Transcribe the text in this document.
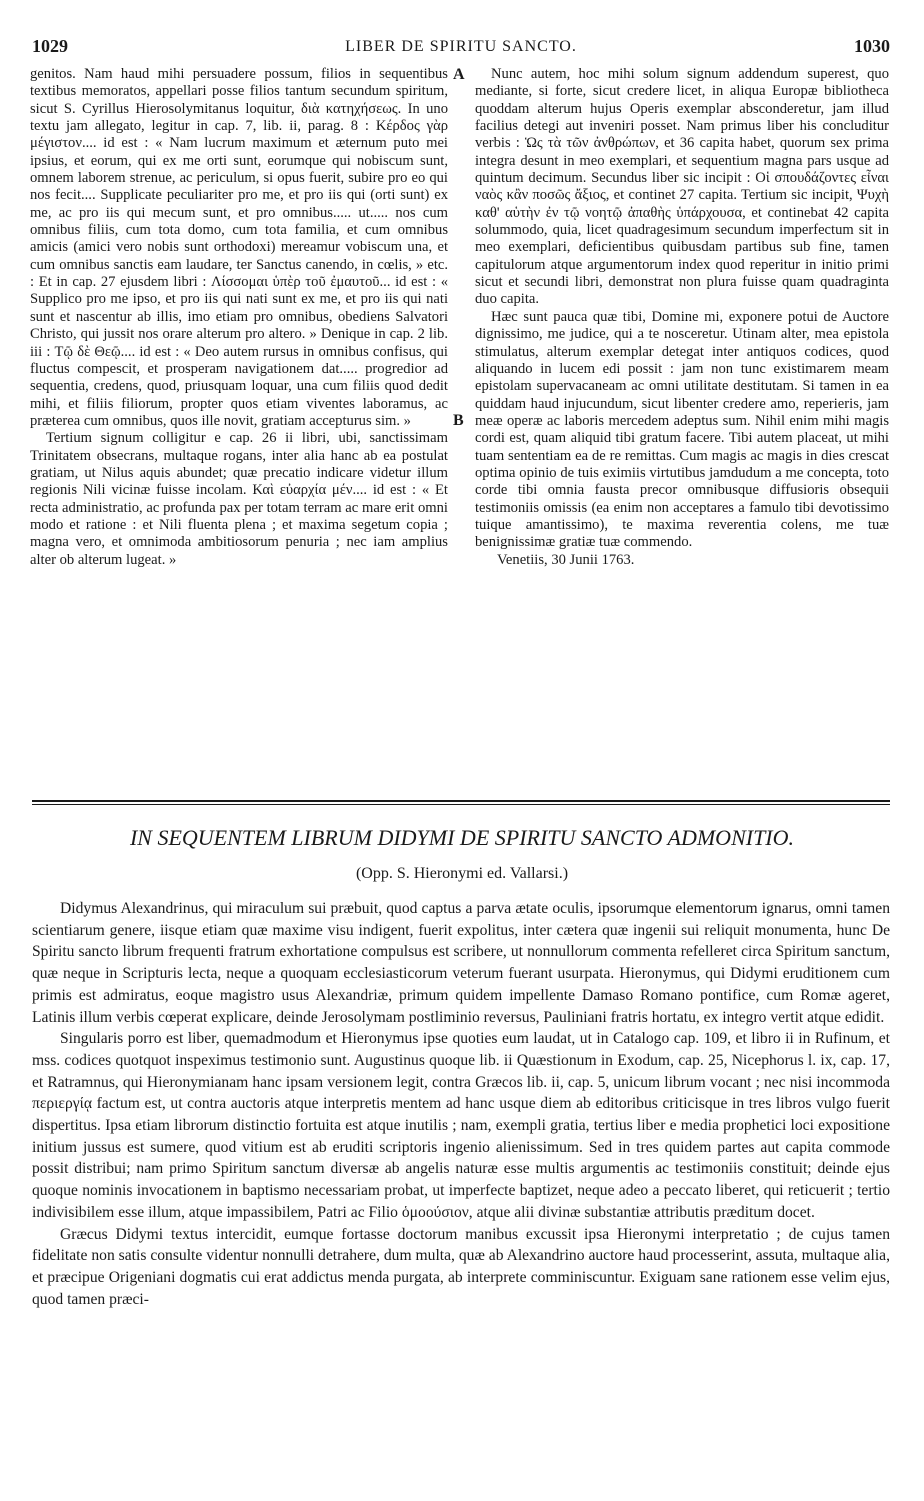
1029	LIBER DE SPIRITU SANCTO.	1030

genitos. Nam haud mihi persuadere possum, filios in sequentibus textibus memoratos, appellari posse filios tantum secundum spiritum, sicut S. Cyrillus Hierosolymitanus loquitur, διὰ κατηχήσεως. In uno textu jam allegato, legitur in cap. 7, lib. ii, parag. 8 : Κέρδος γὰρ μέγιστον.... id est : « Nam lucrum maximum et æternum puto mei ipsius, et eorum, qui ex me orti sunt, eorumque qui nobiscum sunt, omnem laborem strenue, ac periculum, si opus fuerit, subire pro eo qui nos fecit.... Supplicate peculiariter pro me, et pro iis qui (orti sunt) ex me, ac pro iis qui mecum sunt, et pro omnibus..... ut..... nos cum omnibus filiis, cum tota domo, cum tota familia, et cum omnibus amicis (amici vero nobis sunt orthodoxi) mereamur vobiscum una, et cum omnibus sanctis eam laudare, ter Sanctus canendo, in cœlis, » etc. : Et in cap. 27 ejusdem libri : Λίσσομαι ὑπὲρ τοῦ ἐμαυτοῦ... id est : « Supplico pro me ipso, et pro iis qui nati sunt ex me, et pro iis qui nati sunt et nascentur ab illis, imo etiam pro omnibus, obediens Salvatori Christo, qui jussit nos orare alterum pro altero. » Denique in cap. 2 lib. iii : Τῷ δὲ Θεῷ.... id est : « Deo autem rursus in omnibus confisus, qui fluctus compescit, et prosperam navigationem dat..... progredior ad sequentia, credens, quod, priusquam loquar, una cum filiis quod dedit mihi, et filiis filiorum, propter quos etiam viventes laboramus, ac præterea cum omnibus, quos ille novit, gratiam accepturus sim. »

Tertium signum colligitur e cap. 26 ii libri, ubi, sanctissimam Trinitatem obsecrans, multaque rogans, inter alia hanc ab ea postulat gratiam, ut Nilus aquis abundet; quæ precatio indicare videtur illum regionis Nili vicinæ fuisse incolam. Καὶ εὐαρχία μέν.... id est : « Et recta administratio, ac profunda pax per totam terram ac mare erit omni modo et ratione : et Nili fluenta plena ; et maxima segetum copia ; magna vero, et omnimoda ambitiosorum penuria ; nec iam amplius alter ob alterum lugeat. »

A
B

Nunc autem, hoc mihi solum signum addendum superest, quo mediante, si forte, sicut credere licet, in aliqua Europæ bibliotheca quoddam alterum hujus Operis exemplar absconderetur, jam illud facilius detegi aut inveniri posset. Nam primus liber his concluditur verbis : Ὡς τὰ τῶν ἀνθρώπων, et 36 capita habet, quorum sex prima integra desunt in meo exemplari, et sequentium magna pars usque ad quintum decimum. Secundus liber sic incipit : Οἱ σπουδάζοντες εἶναι ναὸς κἂν ποσῶς ἄξιος, et continet 27 capita. Tertium sic incipit, Ψυχὴ καθ' αὑτὴν ἐν τῷ νοητῷ ἀπαθὴς ὑπάρχουσα, et continebat 42 capita solummodo, quia, licet quadragesimum secundum imperfectum sit in meo exemplari, deficientibus quibusdam partibus sub fine, tamen capitulorum atque argumentorum index quod reperitur in initio primi sicut et secundi libri, demonstrat non plura fuisse quam quadraginta duo capita.

Hæc sunt pauca quæ tibi, Domine mi, exponere potui de Auctore dignissimo, me judice, qui a te nosceretur. Utinam alter, mea epistola stimulatus, alterum exemplar detegat inter antiquos codices, quod aliquando in lucem edi possit : jam non tunc existimarem meam epistolam supervacaneam ac omni utilitate destitutam. Si tamen in ea quiddam haud injucundum, sicut libenter credere amo, reperieris, jam meæ operæ ac laboris mercedem adeptus sum. Nihil enim mihi magis cordi est, quam aliquid tibi gratum facere. Tibi autem placeat, ut mihi tuam sententiam ea de re remittas. Cum magis ac magis in dies crescat optima opinio de tuis eximiis virtutibus jamdudum a me concepta, toto corde tibi omnia fausta precor omnibusque diffusioris obsequii testimoniis omissis (ea enim non acceptares a famulo tibi devotissimo tuique amantissimo), te maxima reverentia colens, me tuæ benignissimæ gratiæ tuæ commendo.

Venetiis, 30 Junii 1763.

IN SEQUENTEM LIBRUM DIDYMI DE SPIRITU SANCTO ADMONITIO.
(Opp. S. Hieronymi ed. Vallarsi.)

Didymus Alexandrinus, qui miraculum sui præbuit, quod captus a parva ætate oculis, ipsorumque elementorum ignarus, omni tamen scientiarum genere, iisque etiam quæ maxime visu indigent, fuerit expolitus, inter cætera quæ ingenii sui reliquit monumenta, hunc De Spiritu sancto librum frequenti fratrum exhortatione compulsus est scribere, ut nonnullorum commenta refelleret circa Spiritum sanctum, quæ neque in Scripturis lecta, neque a quoquam ecclesiasticorum veterum fuerant usurpata. Hieronymus, qui Didymi eruditionem cum primis est admiratus, eoque magistro usus Alexandriæ, primum quidem impellente Damaso Romano pontifice, cum Romæ ageret, Latinis illum verbis cœperat explicare, deinde Jerosolymam postliminio reversus, Pauliniani fratris hortatu, ex integro vertit atque edidit.

Singularis porro est liber, quemadmodum et Hieronymus ipse quoties eum laudat, ut in Catalogo cap. 109, et libro ii in Rufinum, et mss. codices quotquot inspeximus testimonio sunt. Augustinus quoque lib. ii Quæstionum in Exodum, cap. 25, Nicephorus l. ix, cap. 17, et Ratramnus, qui Hieronymianam hanc ipsam versionem legit, contra Græcos lib. ii, cap. 5, unicum librum vocant ; nec nisi incommoda περιεργίᾳ factum est, ut contra auctoris atque interpretis mentem ad hanc usque diem ab editoribus criticisque in tres libros vulgo fuerit dispertitus. Ipsa etiam librorum distinctio fortuita est atque inutilis ; nam, exempli gratia, tertius liber e media prophetici loci expositione initium jussus est sumere, quod vitium est ab eruditi scriptoris ingenio alienissimum. Sed in tres quidem partes aut capita commode possit distribui; nam primo Spiritum sanctum diversæ ab angelis naturæ esse multis argumentis ac testimoniis constituit; deinde ejus quoque nominis invocationem in baptismo necessariam probat, ut imperfecte baptizet, neque adeo a peccato liberet, qui reticuerit ; tertio indivisibilem esse illum, atque impassibilem, Patri ac Filio ὁμοούσιον, atque alii divinæ substantiæ attributis præditum docet.

Græcus Didymi textus intercidit, eumque fortasse doctorum manibus excussit ipsa Hieronymi interpretatio ; de cujus tamen fidelitate non satis consulte videntur nonnulli detrahere, dum multa, quæ ab Alexandrino auctore haud processerint, assuta, multaque alia, et præcipue Origeniani dogmatis cui erat addictus menda purgata, ab interprete comminiscuntur. Exiguam sane rationem esse velim ejus, quod tamen præci-
